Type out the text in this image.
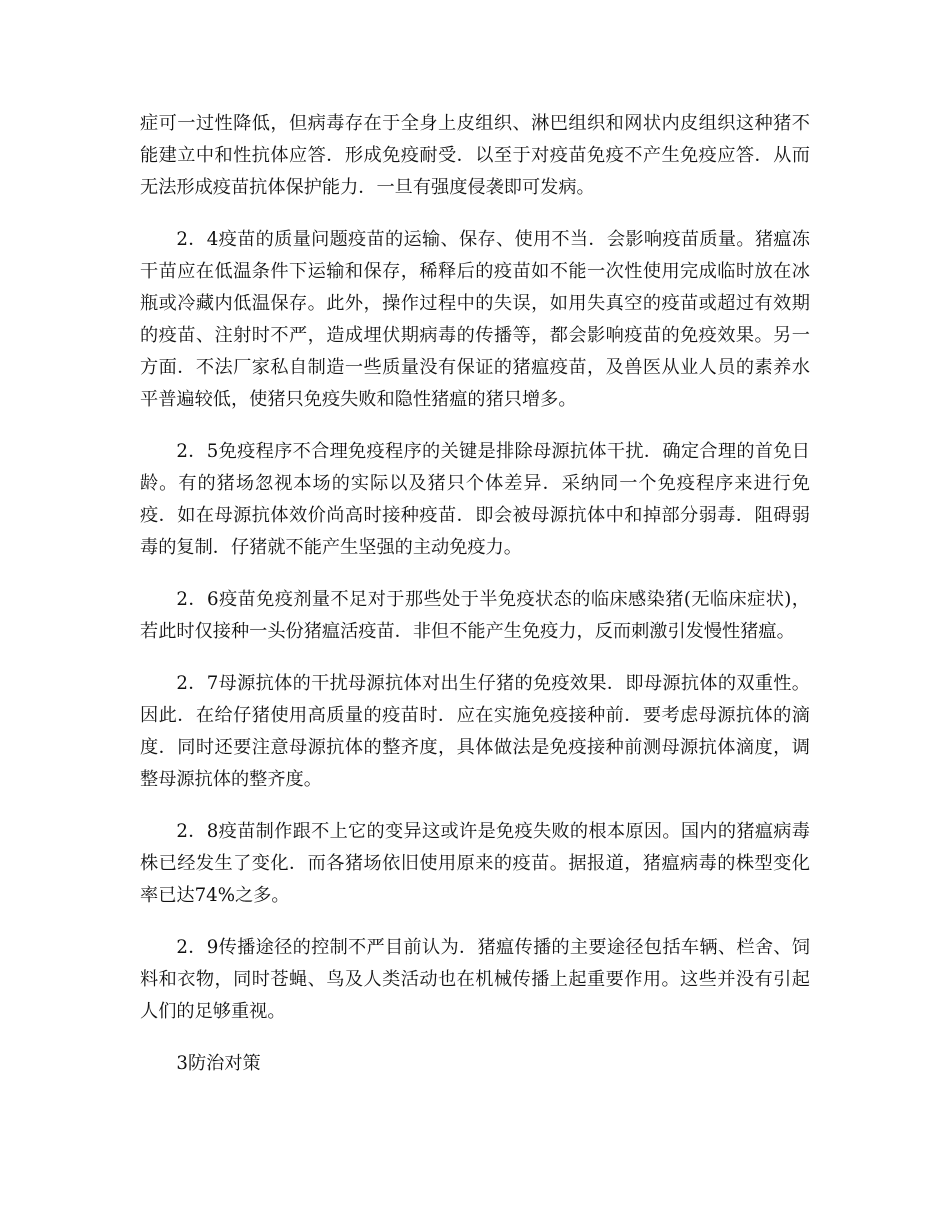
症可一过性降低，但病毒存在于全身上皮组织、淋巴组织和网状内皮组织这种猪不能建立中和性抗体应答．形成免疫耐受．以至于对疫苗免疫不产生免疫应答．从而无法形成疫苗抗体保护能力．一旦有强度侵袭即可发病。

2．4疫苗的质量问题疫苗的运输、保存、使用不当．会影响疫苗质量。猪瘟冻干苗应在低温条件下运输和保存，稀释后的疫苗如不能一次性使用完成临时放在冰瓶或冷藏内低温保存。此外，操作过程中的失误，如用失真空的疫苗或超过有效期的疫苗、注射时不严，造成埋伏期病毒的传播等，都会影响疫苗的免疫效果。另一方面．不法厂家私自制造一些质量没有保证的猪瘟疫苗，及兽医从业人员的素养水平普遍较低，使猪只免疫失败和隐性猪瘟的猪只增多。

2．5免疫程序不合理免疫程序的关键是排除母源抗体干扰．确定合理的首免日龄。有的猪场忽视本场的实际以及猪只个体差异．采纳同一个免疫程序来进行免疫．如在母源抗体效价尚高时接种疫苗．即会被母源抗体中和掉部分弱毒．阻碍弱毒的复制．仔猪就不能产生坚强的主动免疫力。

2．6疫苗免疫剂量不足对于那些处于半免疫状态的临床感染猪(无临床症状)，若此时仅接种一头份猪瘟活疫苗．非但不能产生免疫力，反而刺激引发慢性猪瘟。

2．7母源抗体的干扰母源抗体对出生仔猪的免疫效果．即母源抗体的双重性。因此．在给仔猪使用高质量的疫苗时．应在实施免疫接种前．要考虑母源抗体的滴度．同时还要注意母源抗体的整齐度，具体做法是免疫接种前测母源抗体滴度，调整母源抗体的整齐度。

2．8疫苗制作跟不上它的变异这或许是免疫失败的根本原因。国内的猪瘟病毒株已经发生了变化．而各猪场依旧使用原来的疫苗。据报道，猪瘟病毒的株型变化率已达74%之多。

2．9传播途径的控制不严目前认为．猪瘟传播的主要途径包括车辆、栏舍、饲料和衣物，同时苍蝇、鸟及人类活动也在机械传播上起重要作用。这些并没有引起人们的足够重视。

3防治对策
